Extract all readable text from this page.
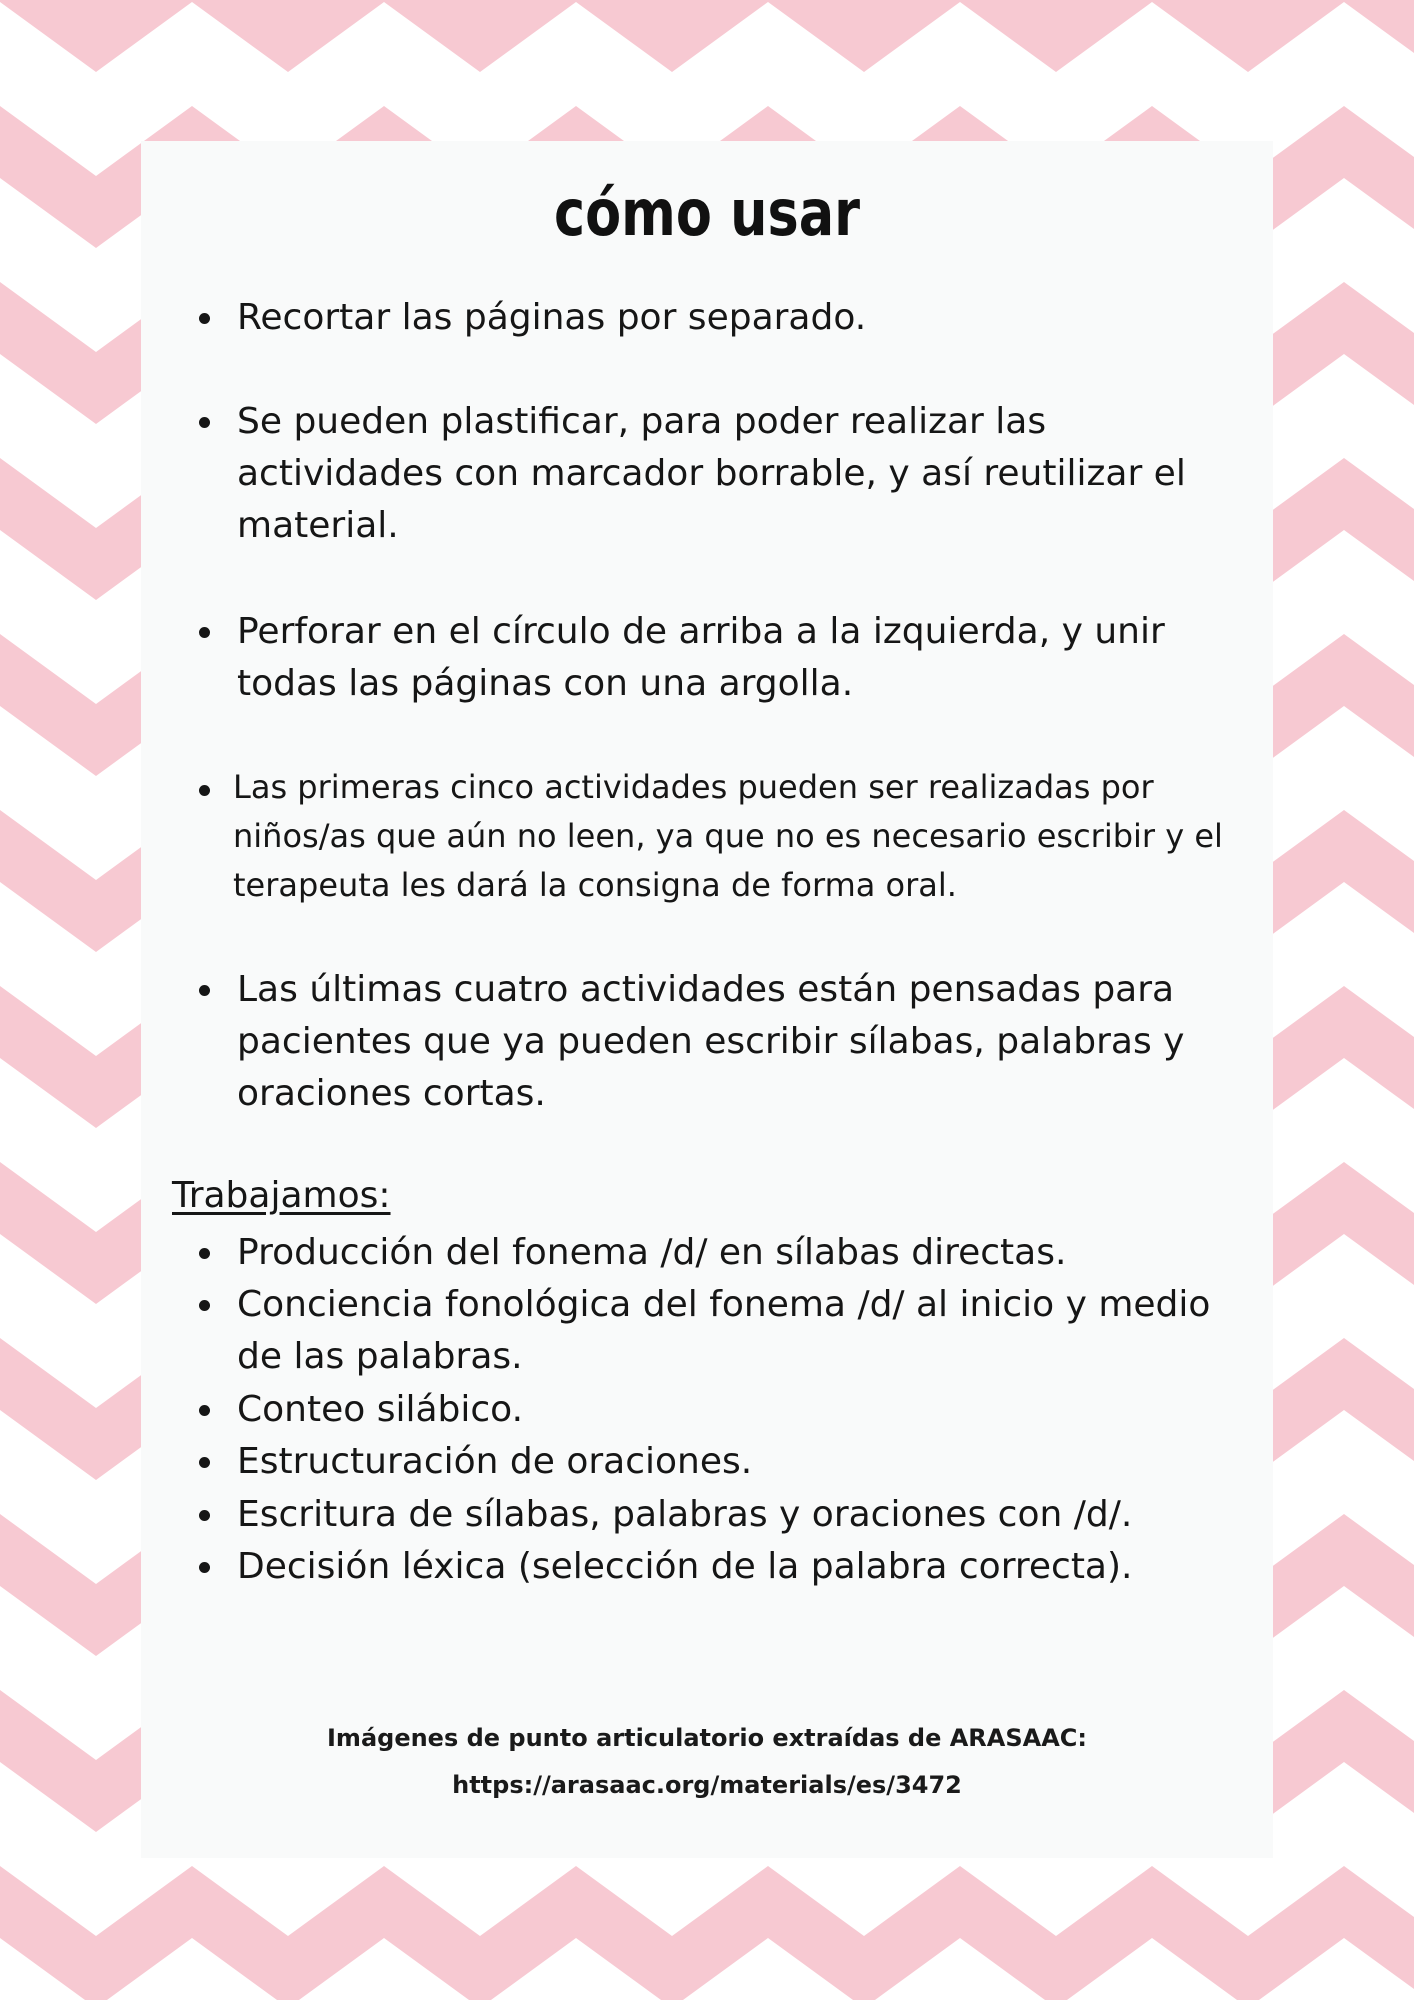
cómo usar
Recortar las páginas por separado.
Se pueden plastificar, para poder realizar las actividades con marcador borrable, y así reutilizar el material.
Perforar en el círculo de arriba a la izquierda, y unir todas las páginas con una argolla.
Las primeras cinco actividades pueden ser realizadas por niños/as que aún no leen, ya que no es necesario escribir y el terapeuta les dará la consigna de forma oral.
Las últimas cuatro actividades están pensadas para pacientes que ya pueden escribir sílabas, palabras y oraciones cortas.
Trabajamos:
Producción del fonema /d/ en sílabas directas.
Conciencia fonológica del fonema /d/ al inicio y medio de las palabras.
Conteo silábico.
Estructuración de oraciones.
Escritura de sílabas, palabras y oraciones con /d/.
Decisión léxica (selección de la palabra correcta).
Imágenes de punto articulatorio extraídas de ARASAAC:
https://arasaac.org/materials/es/3472
